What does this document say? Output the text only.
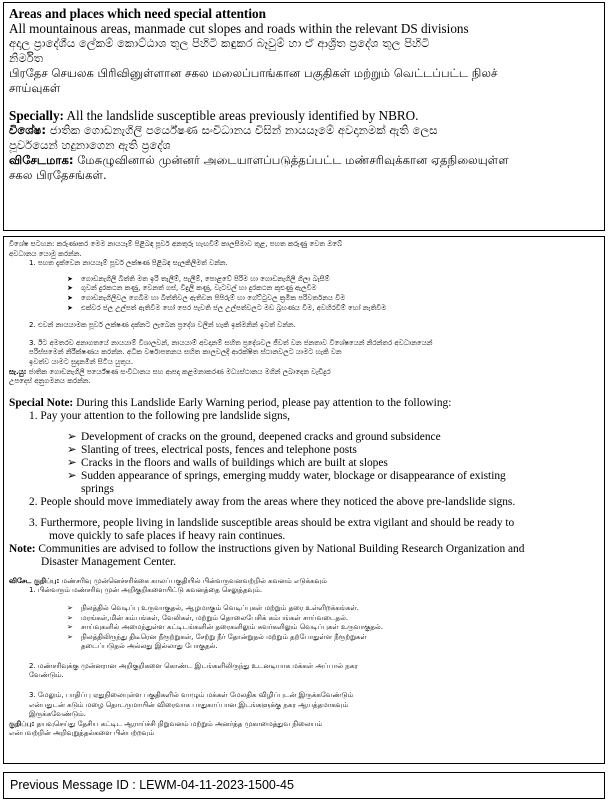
Areas and places which need special attention
All mountainous areas, manmade cut slopes and roads within the relevant DS divisions
අදාල ප්‍රාදේශීය ලේකම් කොට්ඨාශ තුල පිහිටි කඳුකර බෑවුම් හා ඒ ආශ්‍රිත ප්‍රදේශ තුල පිහිටි
නිර්මිත
பிரதேச செயலக பிரிவினுள்ளான சகல மலைப்பாங்கான பகுதிகள் மற்றும் வெட்டப்பட்ட நிலச்
சாய்வுகள்
Specially: All the landslide susceptible areas previously identified by NBRO.
විශේෂ: ජාතික ගොඩනැගිලි පර්යේෂණ සංවිධානය විසින් නායයෑමේ අවදානමක් ඇති ලෙස
පූර්වයෙන් හදුනාගෙන ඇති ප්‍රදේශ
விசேடமாக: மேசுழுவினால் முன்னர் அடையாளப்படுத்தப்பட்ட மண்சரிவுக்கான ஏதநிலையுள்ள
சகல பிரதேசங்கள்.
විශේෂ සටහන: කරුණාකර මෙම නායයෑම් පිළිබඳ පූර්ව අනතුරු හැඟවීම් කාලසීමාව තුළ, පහත කරුණු වෙත ඔබේ
අවධානය යොමු කරන්න.
1. පහත දැක්වෙන නායයෑම් පූර්ව ලක්ෂණ පිළිබඳ සැලකිලිමත් වන්න.
➤ ගොඩනැගිලි බිත්ති මත ඉරි තැලීම්, පැලීම්, පොළවේ පිරිම හා ගොඩනැගිලි ගිලා බැසීම්
➤ ගුවන් දුරකථන කණු, වෙනත් ගස්, විදුලි කණු, වැටවල් හා දුරකථන කුළුණු ඇලවීම
➤ ගොඩනැගිලිවල ගෙබිම හා බිත්තිවල ඇතිවන පිපිරුම් හා ගේට්ටුවල ක්‍රමික පරිවර්තනය වීම
➤ එක්වර ජල උල්පත් ඇතිවීම හෝ පෙර පැවති ජල උල්පත්වලට මඩ බ්‍රහණය වීම, අවහිරවීම් හෝ නැතිවීම
2. එවන් නායයාමක පූර්ව ලක්ෂණ දක්නට ලැබෙන ප්‍රදේශ වලින් හැකි ඉක්මනින් ඉවත් වන්න.
3. ඊට අමතරව අනාගතයේ නායයාම් විශාලවන්, නායයාම් අවදානම් සහිත ප්‍රදේශවල ජීවත් වන ජනතාව විශේෂයෙන් නිරන්තර අවධානයෙන්
පරිස්සමෙන් නිරීක්ෂණය කරන්න. අධික වර්ෂාපතනය සහිත කාලවලදී ආරක්ෂිත ස්ථානවලට යාමට හැකි වන
ඉවත්ව යාමට සුදානමින් සිටිය යුතුය.
සැ.යු: ජාතික ගොඩනැගිලි පර්යේෂණ සංවිධානය සහ ආපදා කළමනාකරණ මධ්‍යස්ථානය මගින් ලබාදෙන වැඩිදුර
උපදෙස් අනුගමනය කරන්න.
Special Note: During this Landslide Early Warning period, please pay attention to the following:
1. Pay your attention to the following pre landslide signs,
➢ Development of cracks on the ground, deepened cracks and ground subsidence
➢ Slanting of trees, electrical posts, fences and telephone posts
➢ Cracks in the floors and walls of buildings which are built at slopes
➢ Sudden appearance of springs, emerging muddy water, blockage or disappearance of existing
springs
2. People should move immediately away from the areas where they noticed the above pre-landslide signs.
3. Furthermore, people living in landslide susceptible areas should be extra vigilant and should be ready to
move quickly to safe places if heavy rain continues.
Note: Communities are advised to follow the instructions given by National Building Research Organization and
Disaster Management Center.
விசேட குறிப்பு: மண்சரிவு முன்னெச்சரிக்கை காலப்பகுதியில் பின்வருவனவற்றில் கவனம் எடுக்கவும்
1. பின்வரும் மண்சரிவு முன் அறிகுறிகளையிட்டு கவனத்தை செலுத்தவும்.
➢ நிலத்தில் வெடிப்பு உருவாகுதல், ஆழமாகும் வெடிப்புகள் மற்றும் தரை உள்ளிறக்கங்கள்.
➢ மரங்கள்,மின் கம்பங்கள், வேலிகள், மற்றும் தொலைபேசிக் கம்பங்கள் சாய்வடைதல்.
➢ சாய்வுகளில் அமைந்துள்ள கட்டிடங்களின் தரைகளிலும் சுவர்களிலும் வெடிப்புகள் உருவாகுதல்.
➢ நிலத்திலிருந்து திடீரென நீரூற்றுகள், சேற்று நீர் தோன்றுதல் மற்றும் தற்போதுள்ள நீரூற்றுகள்
தடைப்படுதல் அல்லது இல்லாது போகுதல்.
2. மண்சரிவுக்கு முன்னரான அறிகுறிகளை கொண்ட இடங்களிலிருந்து உடனடியாக மக்கள் அப்பால் நகர
வேண்டும்.
3. மேலும், பாதிப்பு ஏதுநிலையுள்ள பகுதிகளில் வாழும் மக்கள் மேலதிக விழிப்புடன் இருக்கவேண்டும்
என்பதுடன் கடும் மழை தொடருமாயின் விரைவாக பாதுகாப்பான இடங்களுக்கு நகர ஆயத்தமாகவும்
இருக்கவேண்டும்.
குறிப்பு: தயவுசெய்து தேசிய கட்டிட ஆராய்ச்சி நிறுவனம் மற்றும் அனர்த்த முகாமைத்துவ நிலையம்
என்பவற்றின் அறிவுறுத்தல்களை பின்பற்றவும்
Previous Message ID : LEWM-04-11-2023-1500-45
